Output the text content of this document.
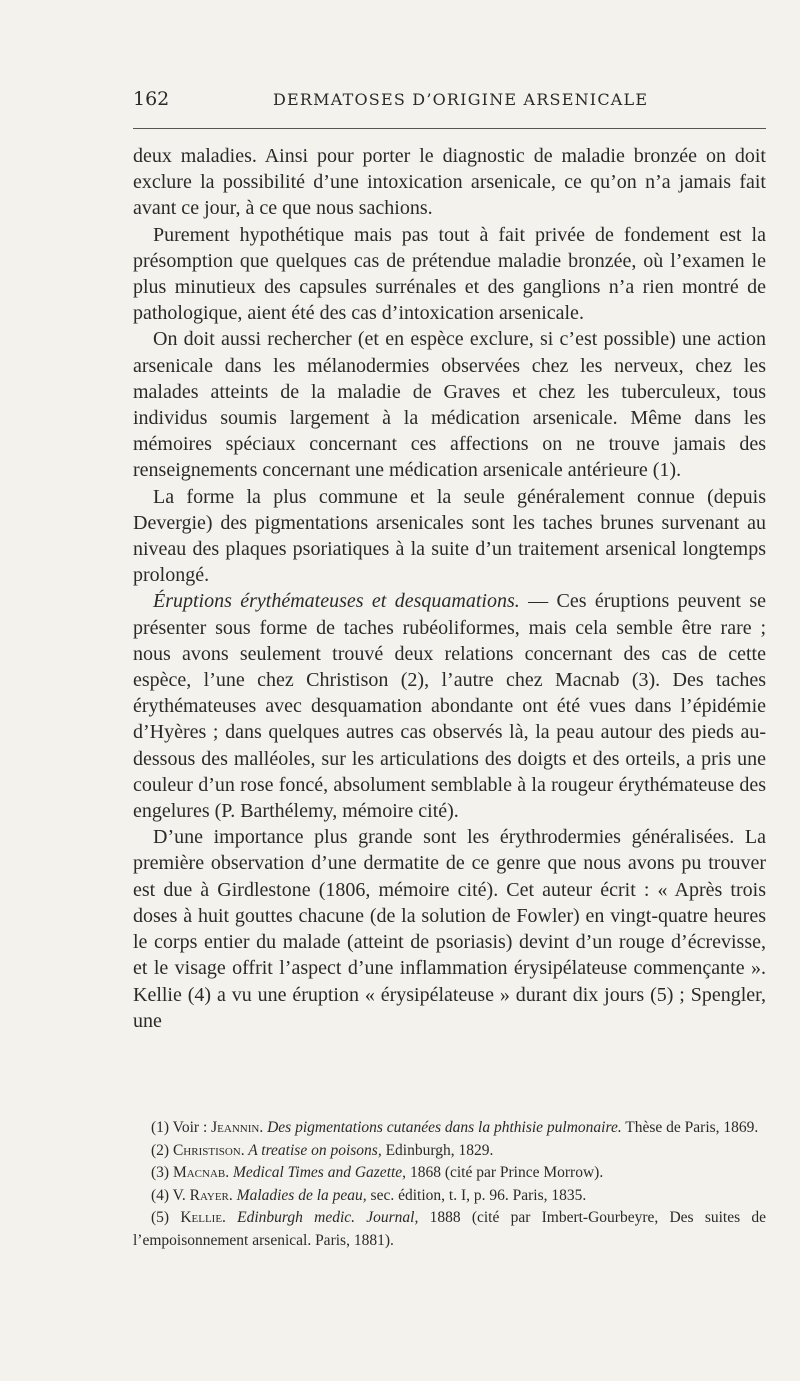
162	DERMATOSES D’ORIGINE ARSENICALE

deux maladies. Ainsi pour porter le diagnostic de maladie bronzée on doit exclure la possibilité d’une intoxication arsenicale, ce qu’on n’a jamais fait avant ce jour, à ce que nous sachions.

Purement hypothétique mais pas tout à fait privée de fondement est la présomption que quelques cas de prétendue maladie bronzée, où l’examen le plus minutieux des capsules surrénales et des ganglions n’a rien montré de pathologique, aient été des cas d’intoxication arsenicale.

On doit aussi rechercher (et en espèce exclure, si c’est possible) une action arsenicale dans les mélanodermies observées chez les nerveux, chez les malades atteints de la maladie de Graves et chez les tuberculeux, tous individus soumis largement à la médication arsenicale. Même dans les mémoires spéciaux concernant ces affections on ne trouve jamais des renseignements concernant une médication arsenicale antérieure (1).

La forme la plus commune et la seule généralement connue (depuis Devergie) des pigmentations arsenicales sont les taches brunes survenant au niveau des plaques psoriatiques à la suite d’un traitement arsenical longtemps prolongé.

Éruptions érythémateuses et desquamations. — Ces éruptions peuvent se présenter sous forme de taches rubéoliformes, mais cela semble être rare ; nous avons seulement trouvé deux relations concernant des cas de cette espèce, l’une chez Christison (2), l’autre chez Macnab (3). Des taches érythémateuses avec desquamation abondante ont été vues dans l’épidémie d’Hyères ; dans quelques autres cas observés là, la peau autour des pieds au-dessous des malléoles, sur les articulations des doigts et des orteils, a pris une couleur d’un rose foncé, absolument semblable à la rougeur érythémateuse des engelures (P. Barthélemy, mémoire cité).

D’une importance plus grande sont les érythrodermies généralisées. La première observation d’une dermatite de ce genre que nous avons pu trouver est due à Girdlestone (1806, mémoire cité). Cet auteur écrit : « Après trois doses à huit gouttes chacune (de la solution de Fowler) en vingt-quatre heures le corps entier du malade (atteint de psoriasis) devint d’un rouge d’écrevisse, et le visage offrit l’aspect d’une inflammation érysipélateuse commençante ». Kellie (4) a vu une éruption « érysipélateuse » durant dix jours (5) ; Spengler, une

(1) Voir : Jeannin. Des pigmentations cutanées dans la phthisie pulmonaire. Thèse de Paris, 1869.

(2) Christison. A treatise on poisons, Edinburgh, 1829.

(3) Macnab. Medical Times and Gazette, 1868 (cité par Prince Morrow).

(4) V. Rayer. Maladies de la peau, sec. édition, t. I, p. 96. Paris, 1835.

(5) Kellie. Edinburgh medic. Journal, 1888 (cité par Imbert-Gourbeyre, Des suites de l’empoisonnement arsenical. Paris, 1881).
